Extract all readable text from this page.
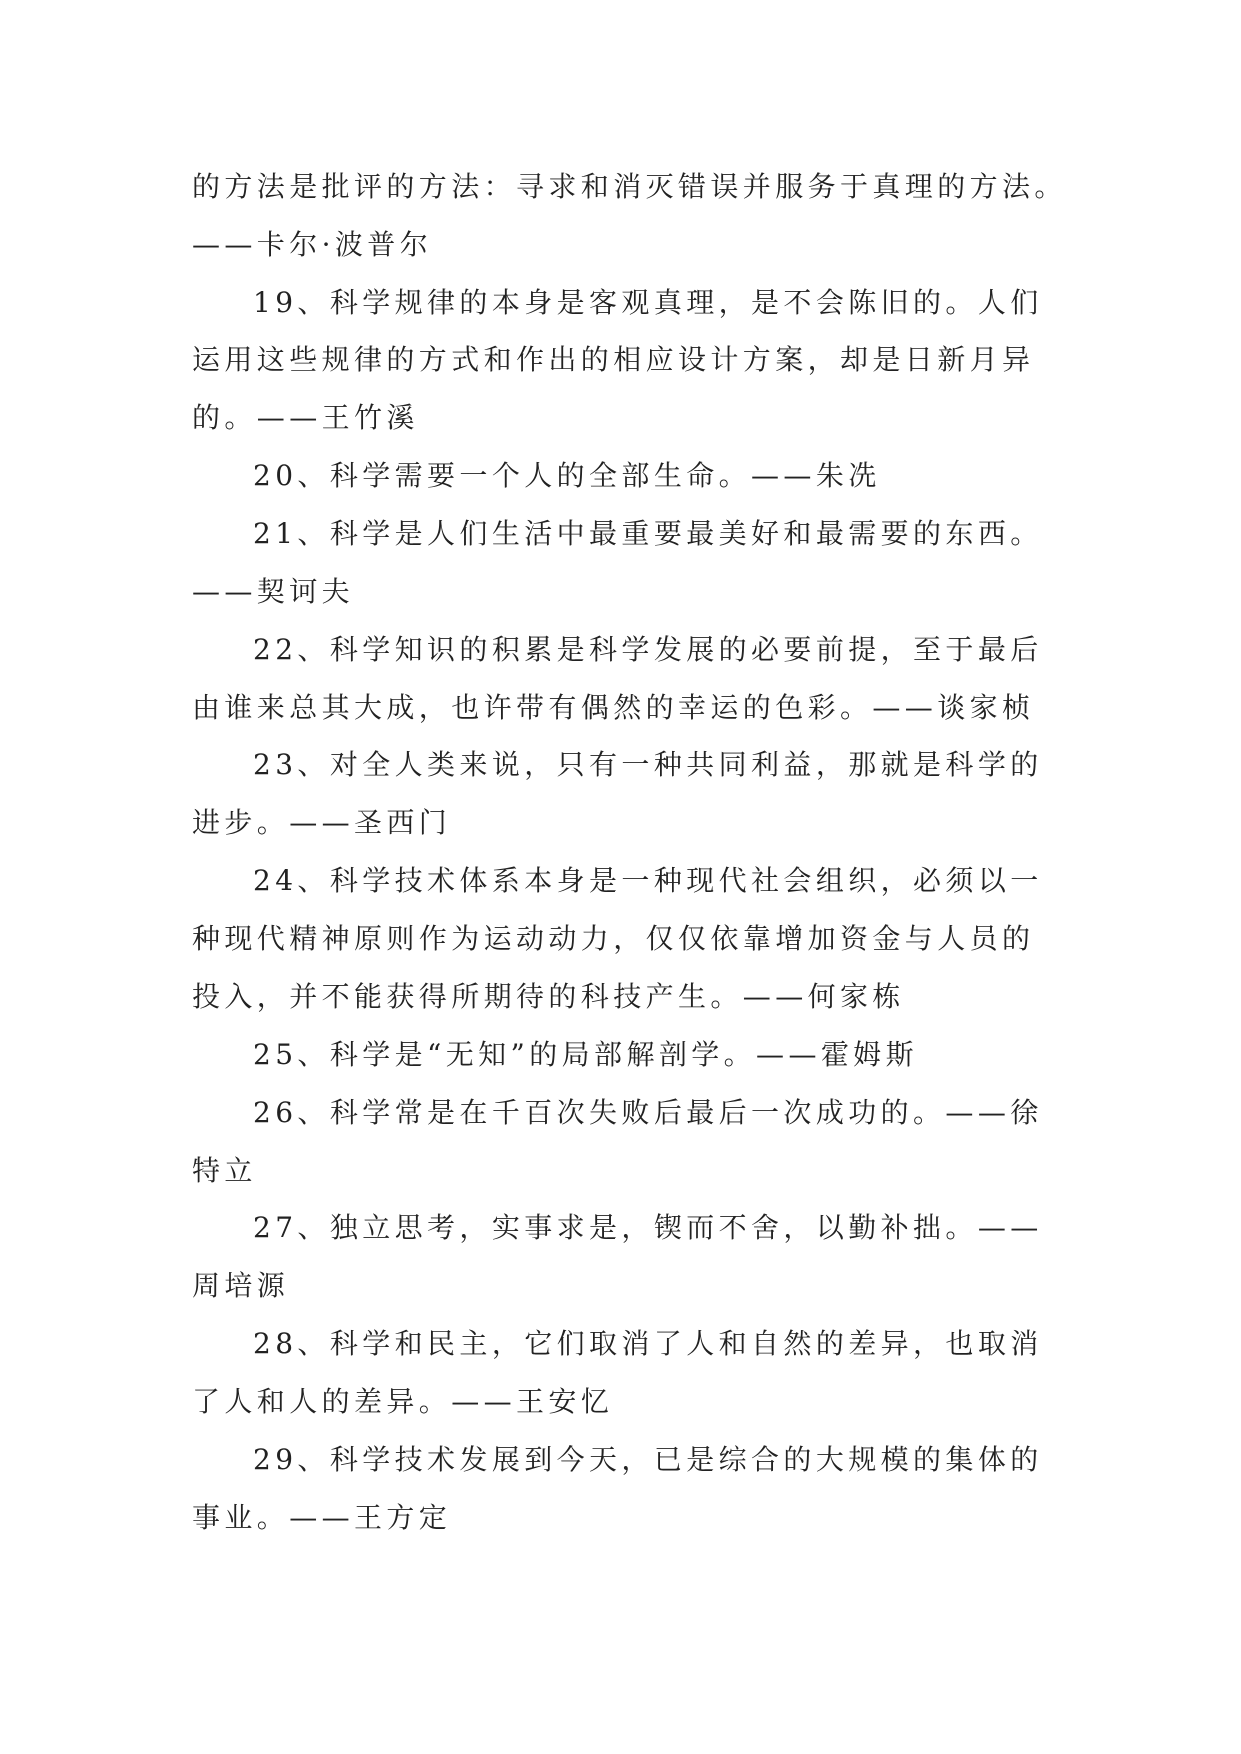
的方法是批评的方法：寻求和消灭错误并服务于真理的方法。
——卡尔·波普尔
19、科学规律的本身是客观真理，是不会陈旧的。人们
运用这些规律的方式和作出的相应设计方案，却是日新月异
的。——王竹溪
20、科学需要一个人的全部生命。——朱冼
21、科学是人们生活中最重要最美好和最需要的东西。
——契诃夫
22、科学知识的积累是科学发展的必要前提，至于最后
由谁来总其大成，也许带有偶然的幸运的色彩。——谈家桢
23、对全人类来说，只有一种共同利益，那就是科学的
进步。——圣西门
24、科学技术体系本身是一种现代社会组织，必须以一
种现代精神原则作为运动动力，仅仅依靠增加资金与人员的
投入，并不能获得所期待的科技产生。——何家栋
25、科学是“无知”的局部解剖学。——霍姆斯
26、科学常是在千百次失败后最后一次成功的。——徐
特立
27、独立思考，实事求是，锲而不舍，以勤补拙。——
周培源
28、科学和民主，它们取消了人和自然的差异，也取消
了人和人的差异。——王安忆
29、科学技术发展到今天，已是综合的大规模的集体的
事业。——王方定
